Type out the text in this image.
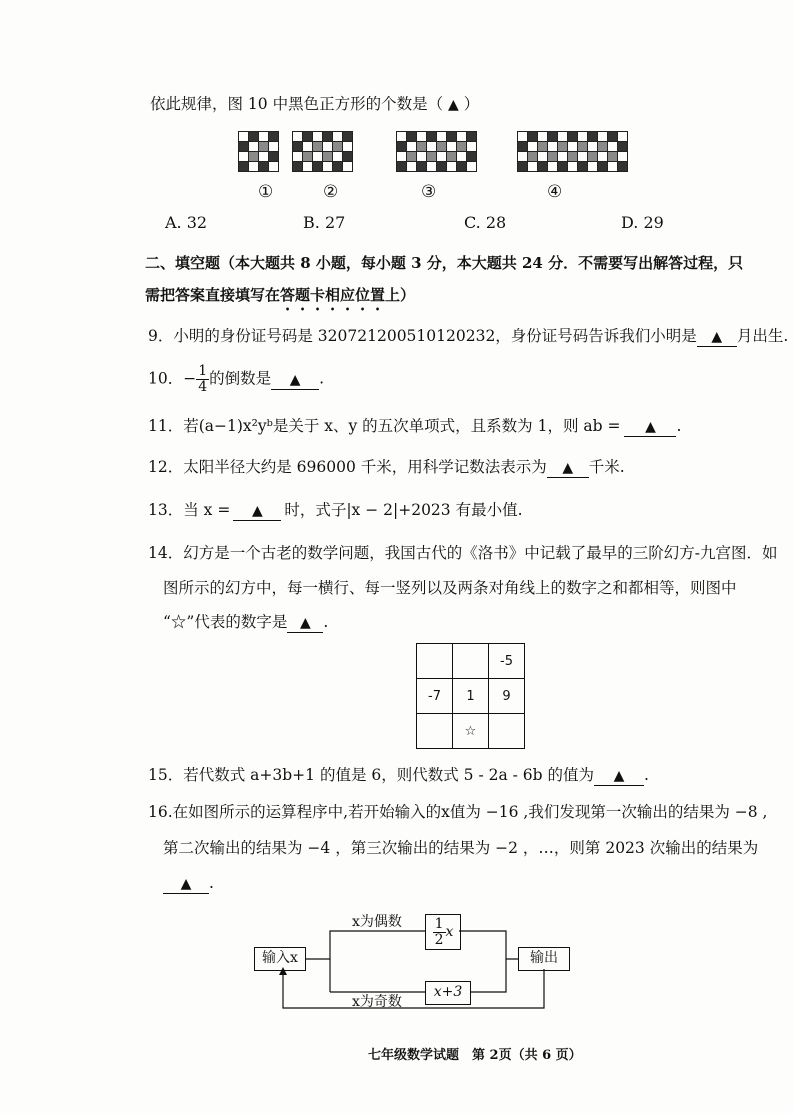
依此规律，图 10 中黑色正方形的个数是（ ▲ ）

①	②	③	④
A. 32	B. 27	C. 28	D. 29
二、填空题（本大题共 8 小题，每小题 3 分，本大题共 24 分．不需要写出解答过程，只
需把答案直接填写在答题卡相应位置上）
9．小明的身份证号码是 320721200510120232，身份证号码告诉我们小明是 ▲ 月出生.
10．− $\frac{1}{4}$ 的倒数是 ▲ .
11．若(a−1)x²yᵇ是关于 x、y 的五次单项式，且系数为 1，则 ab = ▲ .
12．太阳半径大约是 696000 千米，用科学记数法表示为 ▲ 千米.
13．当 x = ▲ 时，式子|x − 2|+2023 有最小值.
14．幻方是一个古老的数学问题，我国古代的《洛书》中记载了最早的三阶幻方-九宫图．如
图所示的幻方中，每一横行、每一竖列以及两条对角线上的数字之和都相等，则图中
“☆”代表的数字是 ▲ .
		-5
-7	1	9
	☆	
15．若代数式 a+3b+1 的值是 6，则代数式 5 - 2a - 6b 的值为 ▲ .
16.在如图所示的运算程序中,若开始输入的x值为 −16 ,我们发现第一次输出的结果为 −8 ,
第二次输出的结果为 −4 ，第三次输出的结果为 −2 ，…，则第 2023 次输出的结果为
▲ .
输入x	输出
$\frac{1}{2}$ x
x+3
x为偶数
x为奇数
七年级数学试题　第 2页（共 6 页）
